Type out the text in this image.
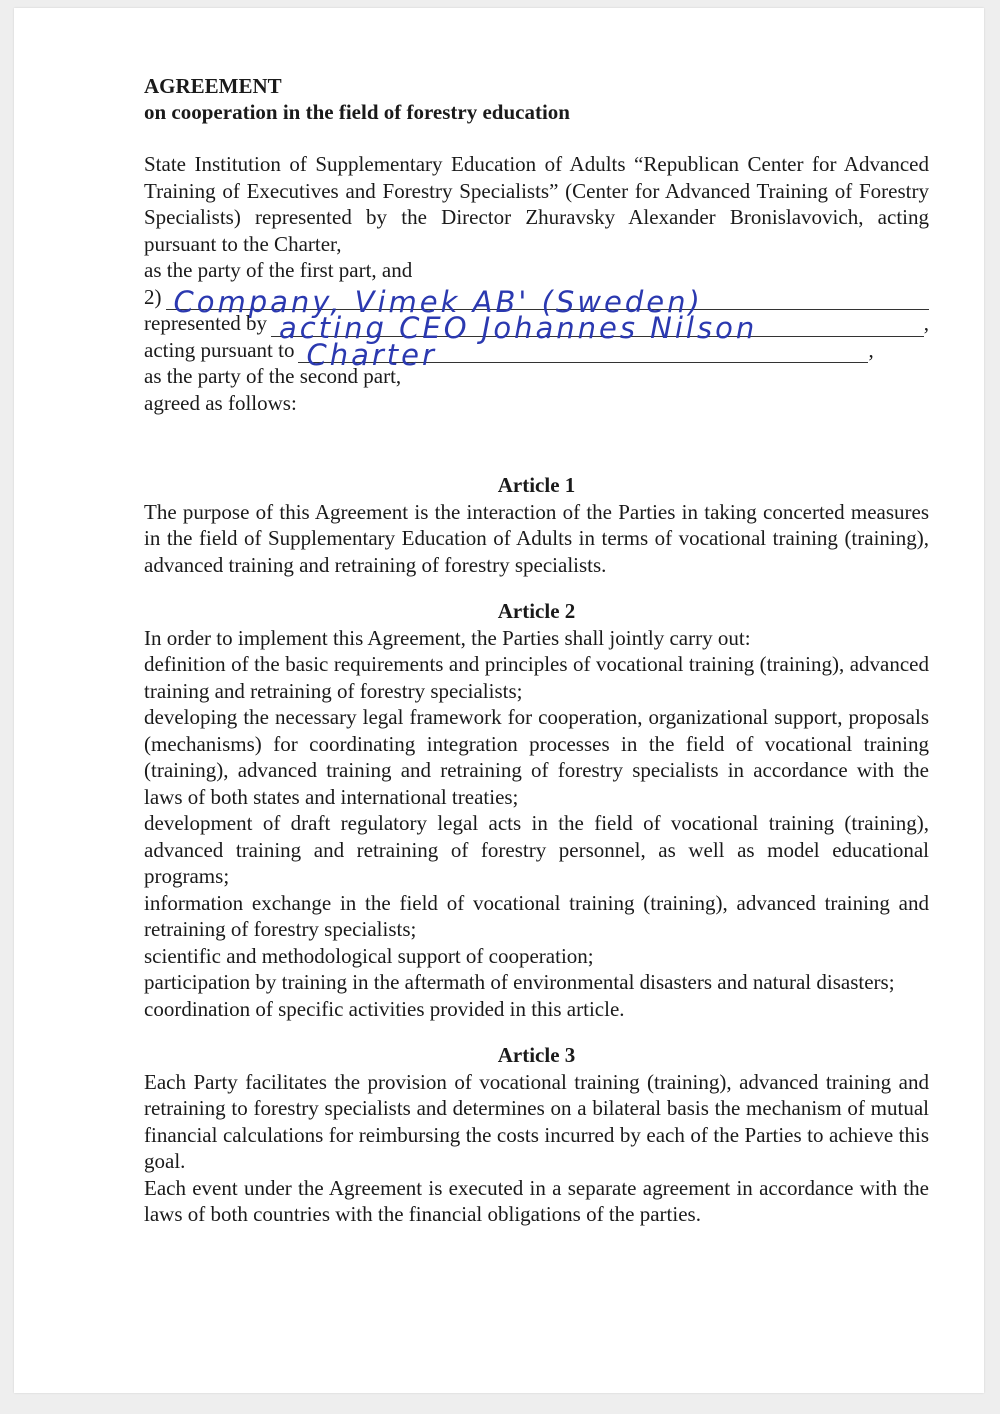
AGREEMENT

on cooperation in the field of forestry education

State Institution of Supplementary Education of Adults “Republican Center for Advanced Training of Executives and Forestry Specialists” (Center for Advanced Training of Forestry Specialists) represented by the Director Zhuravsky Alexander Bronislavovich, acting pursuant to the Charter,

as the party of the first part, and

2) Company, Vimek AB' (Sweden)
represented by acting CEO Johannes Nilson	,
acting pursuant to Charter	,

as the party of the second part,

agreed as follows:

Article 1

The purpose of this Agreement is the interaction of the Parties in taking concerted measures in the field of Supplementary Education of Adults in terms of vocational training (training), advanced training and retraining of forestry specialists.

Article 2

In order to implement this Agreement, the Parties shall jointly carry out:

definition of the basic requirements and principles of vocational training (training), advanced training and retraining of forestry specialists;

developing the necessary legal framework for cooperation, organizational support, proposals (mechanisms) for coordinating integration processes in the field of vocational training (training), advanced training and retraining of forestry specialists in accordance with the laws of both states and international treaties;

development of draft regulatory legal acts in the field of vocational training (training), advanced training and retraining of forestry personnel, as well as model educational programs;

information exchange in the field of vocational training (training), advanced training and retraining of forestry specialists;

scientific and methodological support of cooperation;

participation by training in the aftermath of environmental disasters and natural disasters;

coordination of specific activities provided in this article.

Article 3

Each Party facilitates the provision of vocational training (training), advanced training and retraining to forestry specialists and determines on a bilateral basis the mechanism of mutual financial calculations for reimbursing the costs incurred by each of the Parties to achieve this goal.

Each event under the Agreement is executed in a separate agreement in accordance with the laws of both countries with the financial obligations of the parties.
